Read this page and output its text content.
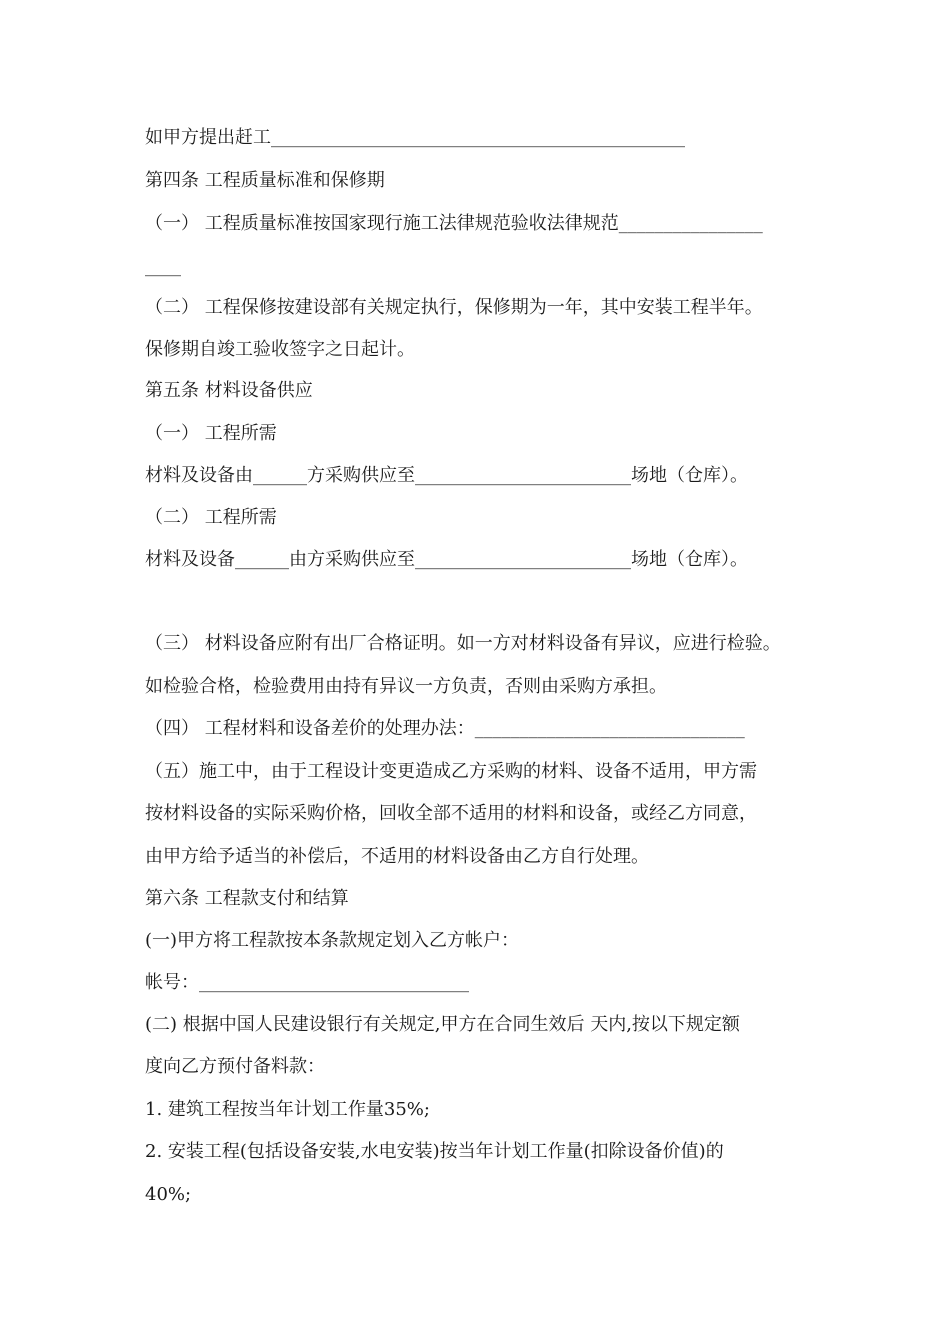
如甲方提出赶工______________________________________________
第四条 工程质量标准和保修期
（一） 工程质量标准按国家现行施工法律规范验收法律规范________________
____
（二） 工程保修按建设部有关规定执行，保修期为一年，其中安装工程半年。
保修期自竣工验收签字之日起计。
第五条 材料设备供应
（一） 工程所需
材料及设备由______方采购供应至________________________场地（仓库）。
（二） 工程所需
材料及设备______由方采购供应至________________________场地（仓库）。
（三） 材料设备应附有出厂合格证明。如一方对材料设备有异议，应进行检验。
如检验合格，检验费用由持有异议一方负责，否则由采购方承担。
（四） 工程材料和设备差价的处理办法：______________________________
（五）施工中，由于工程设计变更造成乙方采购的材料、设备不适用，甲方需
按材料设备的实际采购价格，回收全部不适用的材料和设备，或经乙方同意，
由甲方给予适当的补偿后，不适用的材料设备由乙方自行处理。
第六条 工程款支付和结算
(一)甲方将工程款按本条款规定划入乙方帐户：
帐号：______________________________
(二) 根据中国人民建设银行有关规定,甲方在合同生效后 天内,按以下规定额
度向乙方预付备料款：
1. 建筑工程按当年计划工作量35%;
2. 安装工程(包括设备安装,水电安装)按当年计划工作量(扣除设备价值)的
40%;
